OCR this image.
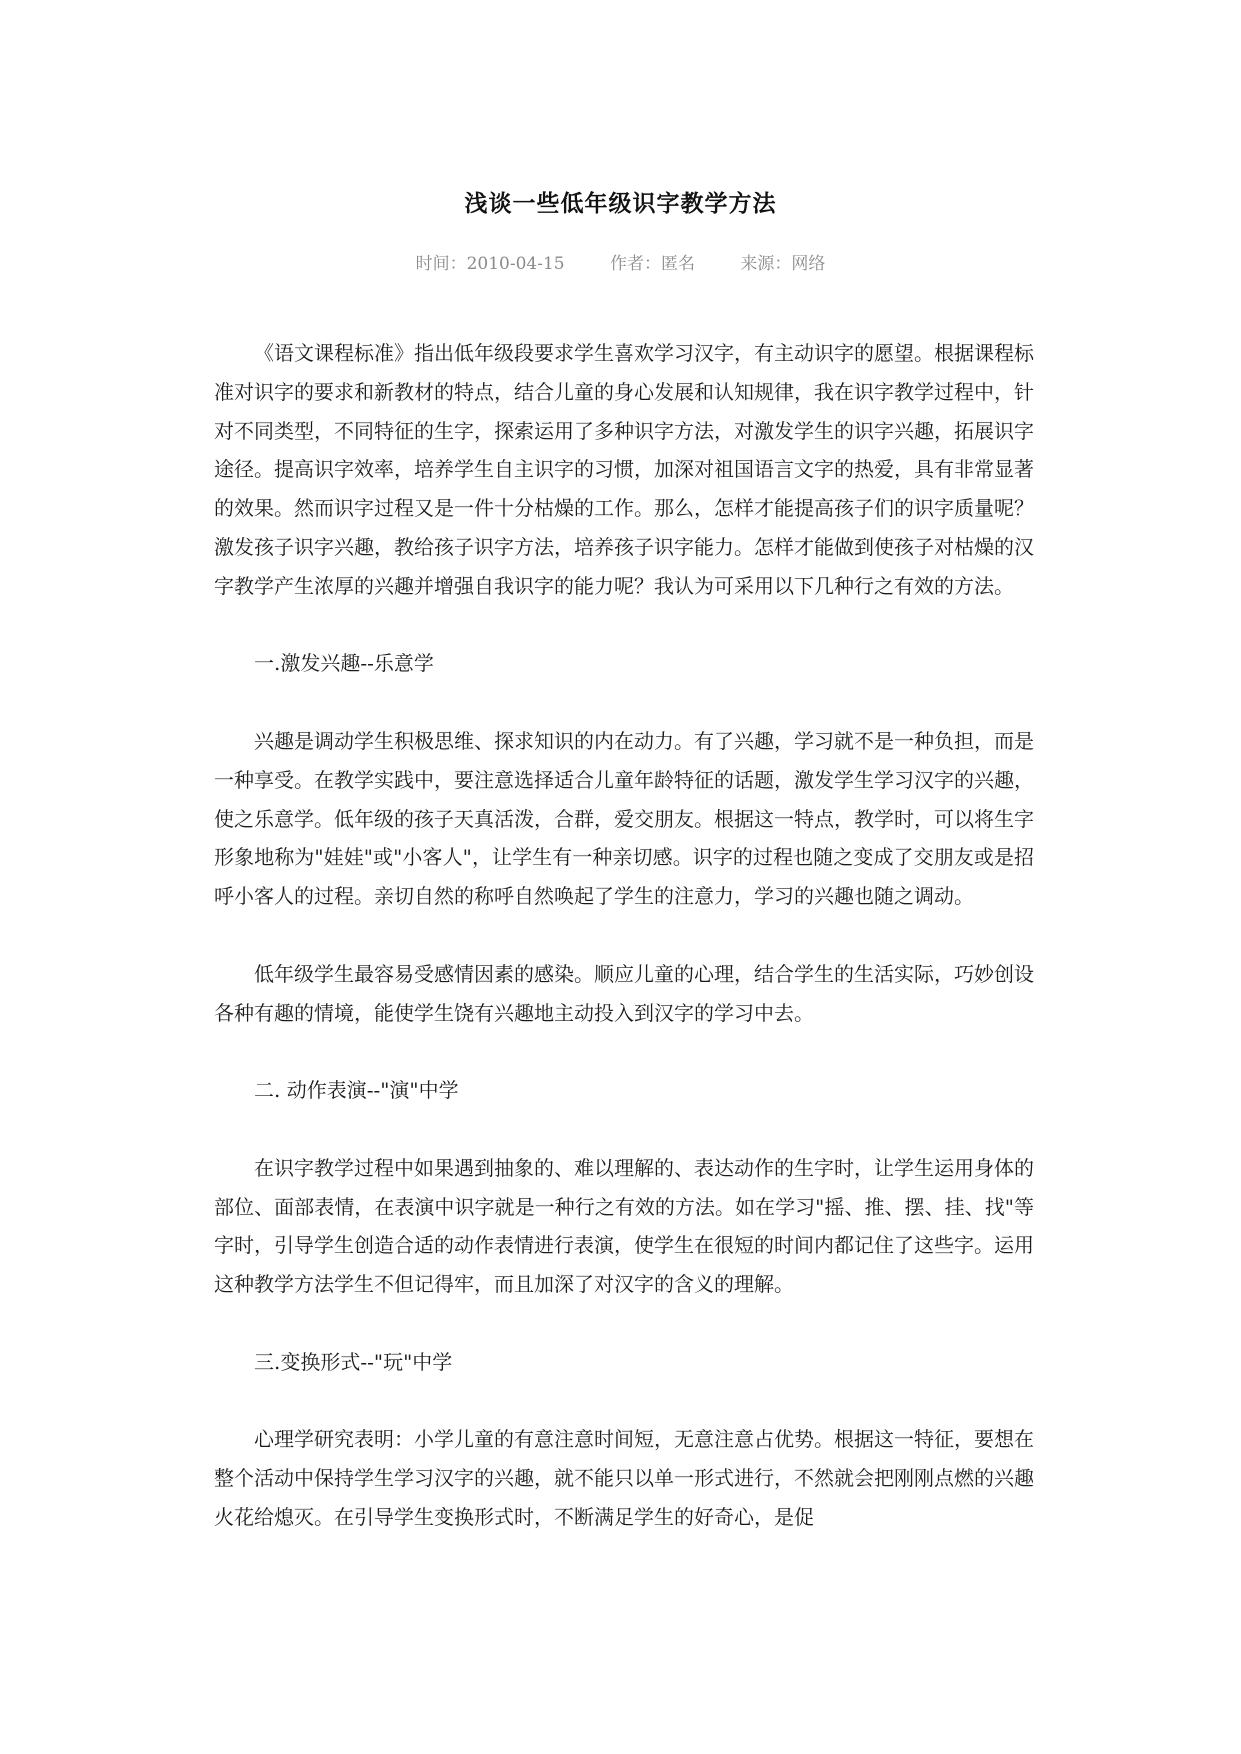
浅谈一些低年级识字教学方法
时间：2010-04-15	作者：匿名	来源：网络

《语文课程标准》指出低年级段要求学生喜欢学习汉字，有主动识字的愿望。根据课程标准对识字的要求和新教材的特点，结合儿童的身心发展和认知规律，我在识字教学过程中，针对不同类型，不同特征的生字，探索运用了多种识字方法，对激发学生的识字兴趣，拓展识字途径。提高识字效率，培养学生自主识字的习惯，加深对祖国语言文字的热爱，具有非常显著的效果。然而识字过程又是一件十分枯燥的工作。那么，怎样才能提高孩子们的识字质量呢？激发孩子识字兴趣，教给孩子识字方法，培养孩子识字能力。怎样才能做到使孩子对枯燥的汉字教学产生浓厚的兴趣并增强自我识字的能力呢？我认为可采用以下几种行之有效的方法。

一.激发兴趣--乐意学

兴趣是调动学生积极思维、探求知识的内在动力。有了兴趣，学习就不是一种负担，而是一种享受。在教学实践中，要注意选择适合儿童年龄特征的话题，激发学生学习汉字的兴趣，使之乐意学。低年级的孩子天真活泼，合群，爱交朋友。根据这一特点，教学时，可以将生字形象地称为"娃娃"或"小客人"，让学生有一种亲切感。识字的过程也随之变成了交朋友或是招呼小客人的过程。亲切自然的称呼自然唤起了学生的注意力，学习的兴趣也随之调动。

低年级学生最容易受感情因素的感染。顺应儿童的心理，结合学生的生活实际，巧妙创设各种有趣的情境，能使学生饶有兴趣地主动投入到汉字的学习中去。

二. 动作表演--"演"中学

在识字教学过程中如果遇到抽象的、难以理解的、表达动作的生字时，让学生运用身体的部位、面部表情，在表演中识字就是一种行之有效的方法。如在学习"摇、推、摆、挂、找"等字时，引导学生创造合适的动作表情进行表演，使学生在很短的时间内都记住了这些字。运用这种教学方法学生不但记得牢，而且加深了对汉字的含义的理解。

三.变换形式--"玩"中学

心理学研究表明：小学儿童的有意注意时间短，无意注意占优势。根据这一特征，要想在整个活动中保持学生学习汉字的兴趣，就不能只以单一形式进行，不然就会把刚刚点燃的兴趣火花给熄灭。在引导学生变换形式时，不断满足学生的好奇心，是促
